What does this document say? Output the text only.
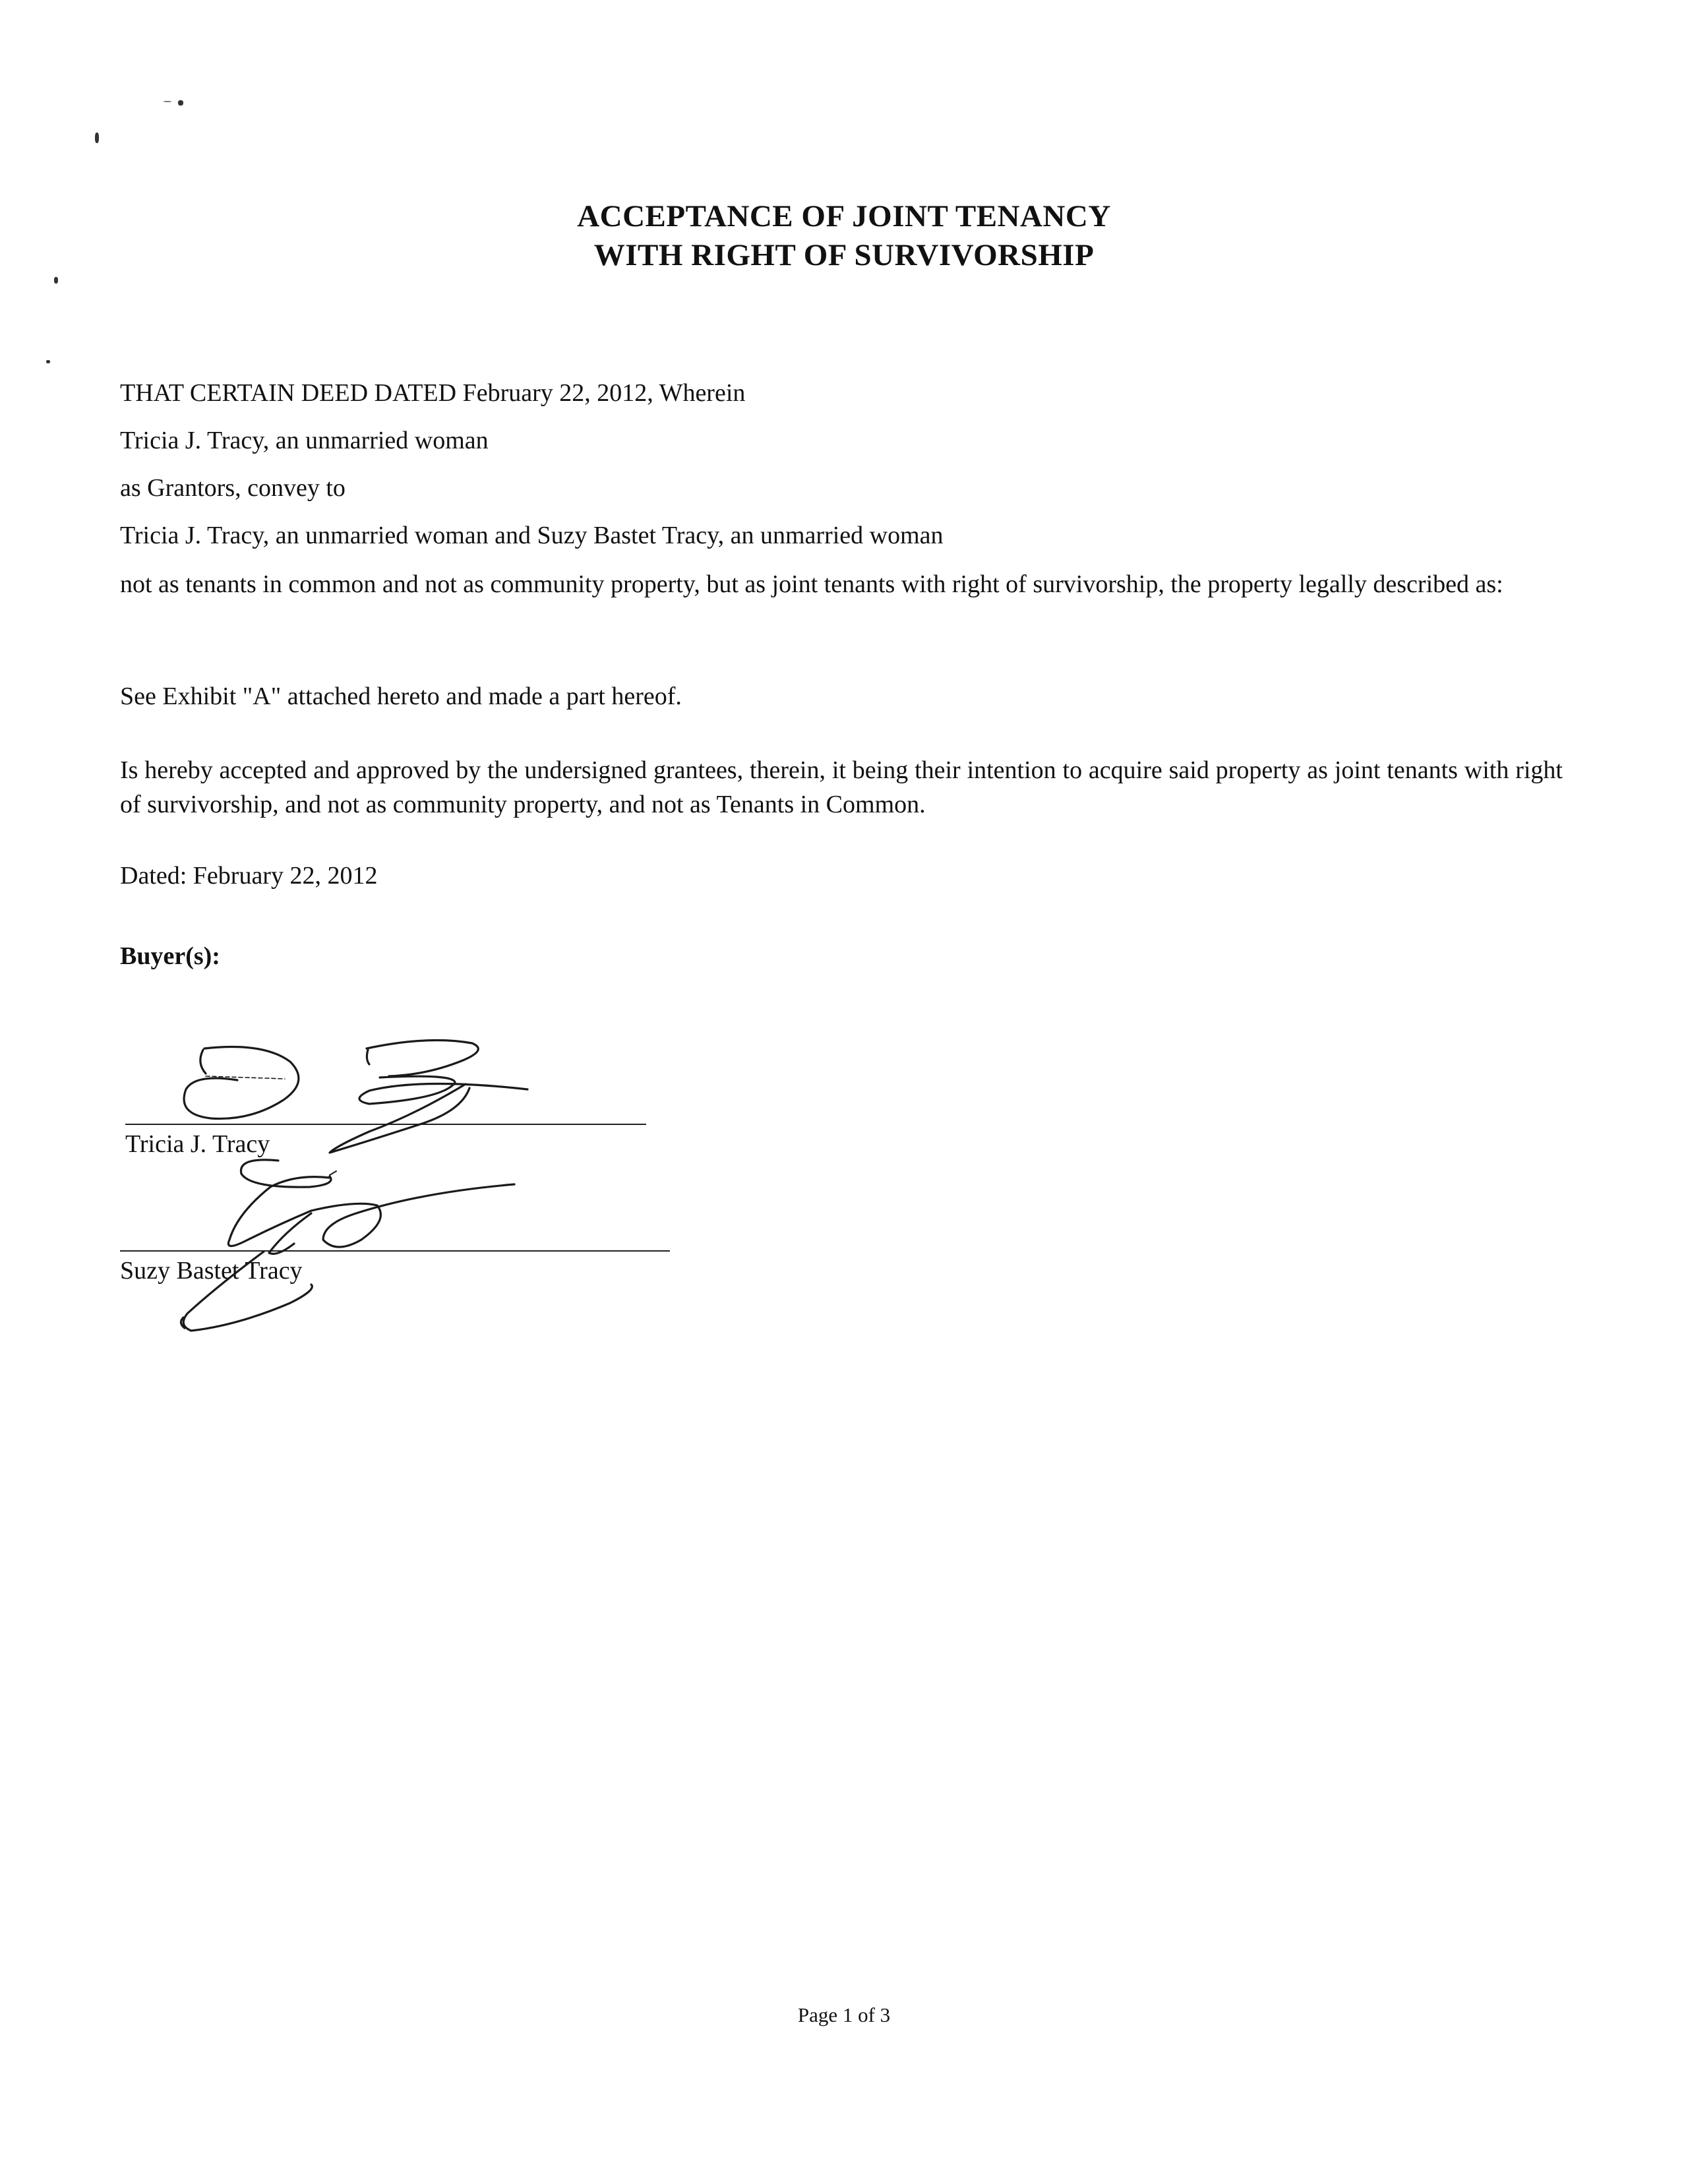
ACCEPTANCE OF JOINT TENANCY
WITH RIGHT OF SURVIVORSHIP
THAT CERTAIN DEED DATED February 22, 2012, Wherein
Tricia J. Tracy, an unmarried woman
as Grantors, convey to
Tricia J. Tracy, an unmarried woman and Suzy Bastet Tracy, an unmarried woman
not as tenants in common and not as community property, but as joint tenants with right of survivorship, the property legally described as:
See Exhibit "A" attached hereto and made a part hereof.
Is hereby accepted and approved by the undersigned grantees, therein, it being their intention to acquire said property as joint tenants with right of survivorship, and not as community property, and not as Tenants in Common.
Dated: February 22, 2012
Buyer(s):
Tricia J. Tracy
Suzy Bastet Tracy
Page 1 of 3
